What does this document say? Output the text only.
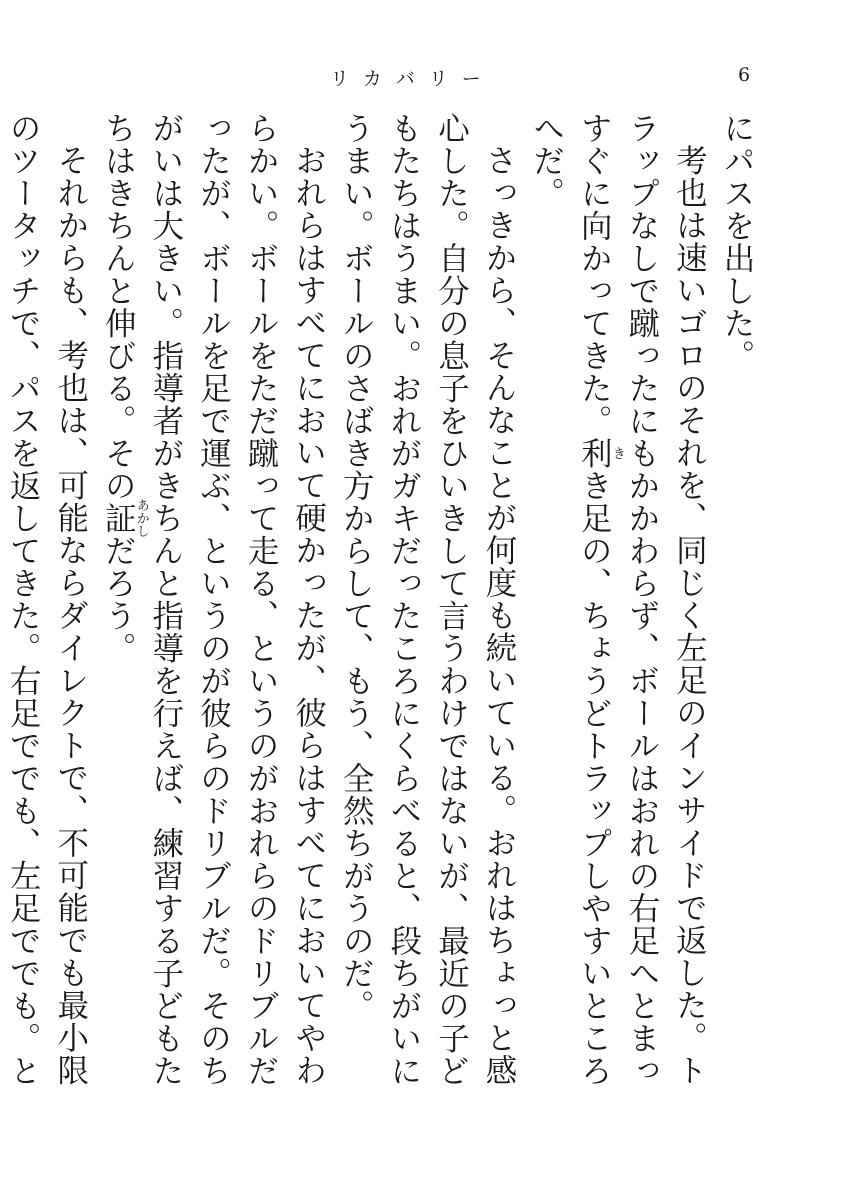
リカバリー	6

にパスを出した。

考也は速いゴロのそれを、同じく左足のインサイドで返した。トラップなしで蹴ったにもかかわらず、ボールはおれの右足へとまっすぐに向かってきた。利きき足の、ちょうどトラップしやすいところへだ。

さっきから、そんなことが何度も続いている。おれはちょっと感心した。自分の息子をひいきして言うわけではないが、最近の子どもたちはうまい。おれがガキだったころにくらべると、段ちがいにうまい。ボールのさばき方からして、もう、全然ちがうのだ。

おれらはすべてにおいて硬かったが、彼らはすべてにおいてやわらかい。ボールをただ蹴って走る、というのがおれらのドリブルだったが、ボールを足で運ぶ、というのが彼らのドリブルだ。そのちがいは大きい。指導者がきちんと指導を行えば、練習する子どもたちはきちんと伸びる。その証あかしだろう。

それからも、考也は、可能ならダイレクトで、不可能でも最小限のツータッチで、パスを返してきた。右足ででも、左足ででも。と
